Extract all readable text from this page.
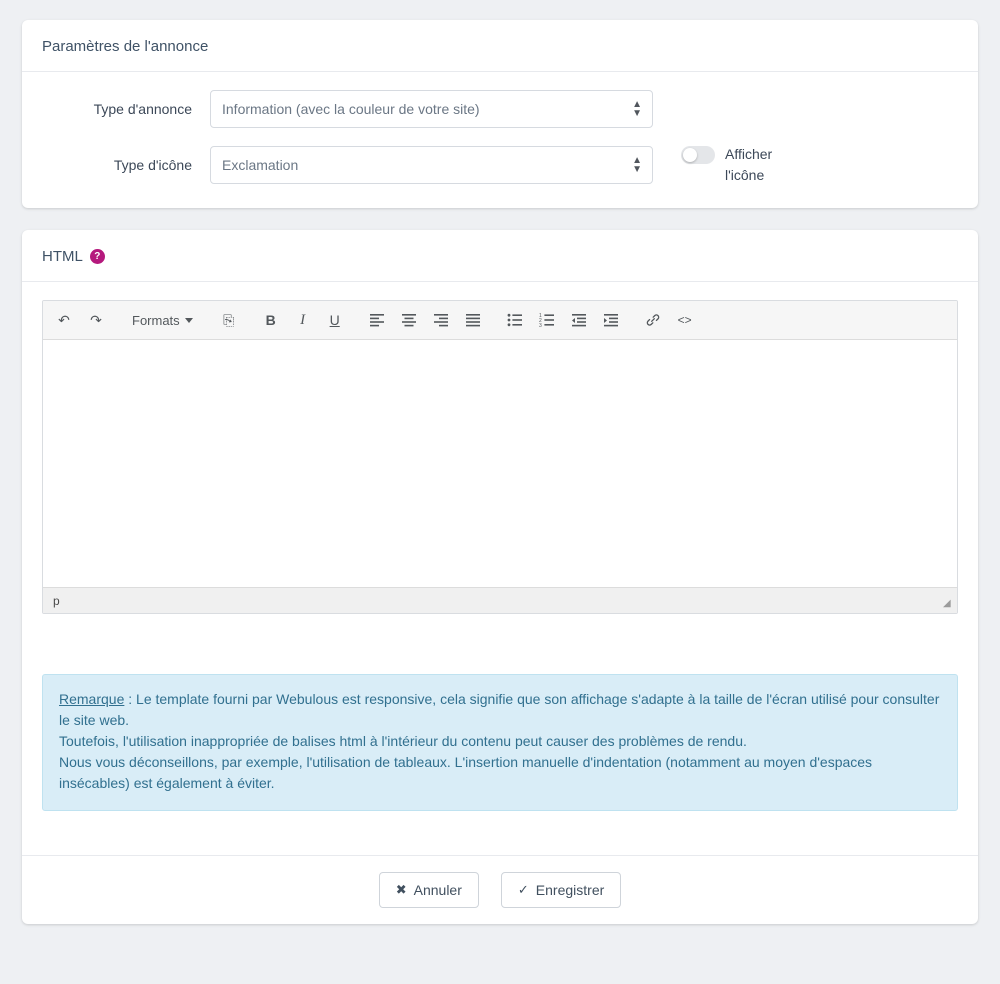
Paramètres de l'annonce
Type d'annonce
Information (avec la couleur de votre site)	▲
▼
Type d'icône
Exclamation	▲
▼
Afficher l'icône
HTML	?
↶	↷	Formats	⎘	B	I	U	1
2
3	<>
p	◢
Remarque : Le template fourni par Webulous est responsive, cela signifie que son affichage s'adapte à la taille de l'écran utilisé pour consulter le site web.
Toutefois, l'utilisation inappropriée de balises html à l'intérieur du contenu peut causer des problèmes de rendu.
Nous vous déconseillons, par exemple, l'utilisation de tableaux. L'insertion manuelle d'indentation (notamment au moyen d'espaces insécables) est également à éviter.
✖ Annuler	✓ Enregistrer
